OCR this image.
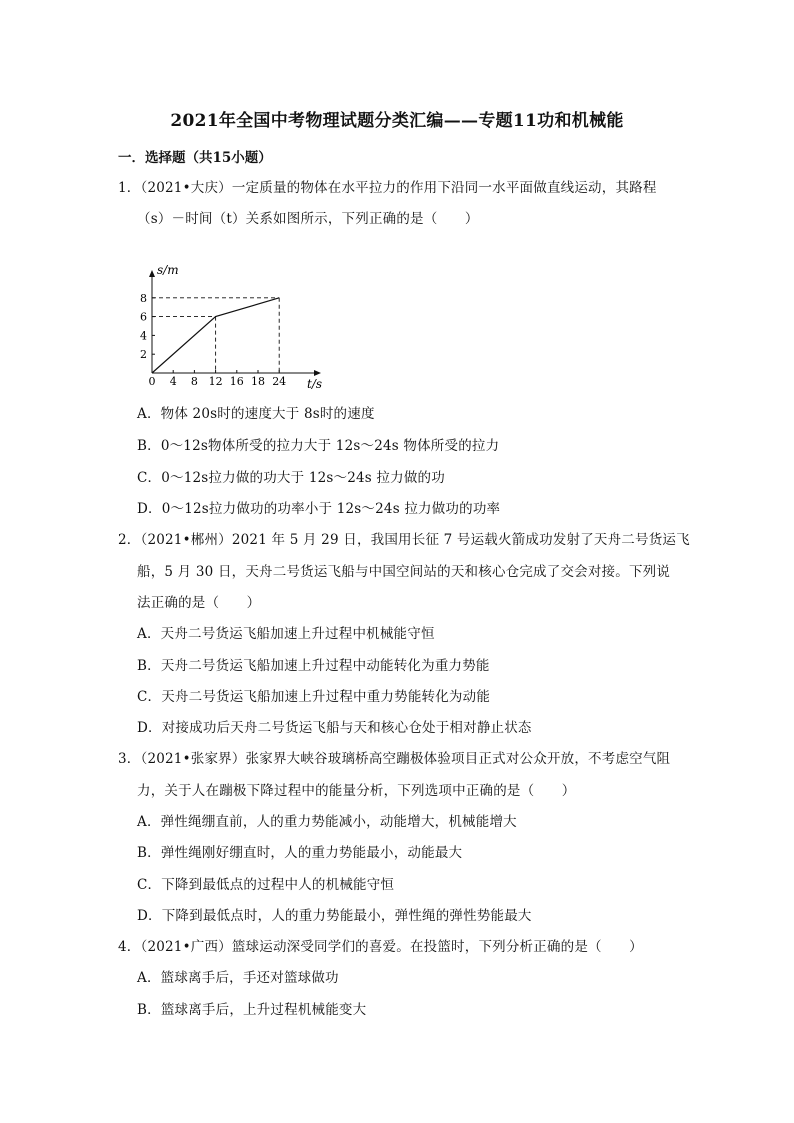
2021年全国中考物理试题分类汇编——专题11功和机械能
一．选择题（共15小题）
1．（2021•大庆）一定质量的物体在水平拉力的作用下沿同一水平面做直线运动，其路程
（s）－时间（t）关系如图所示，下列正确的是（　　）
s/m
t/s
0 4 8 12 16 18 24
2
4
6
8
A．物体 20s时的速度大于 8s时的速度
B．0～12s物体所受的拉力大于 12s～24s 物体所受的拉力
C．0～12s拉力做的功大于 12s～24s 拉力做的功
D．0～12s拉力做功的功率小于 12s～24s 拉力做功的功率
2．（2021•郴州）2021 年 5 月 29 日，我国用长征 7 号运载火箭成功发射了天舟二号货运飞
船，5 月 30 日，天舟二号货运飞船与中国空间站的天和核心仓完成了交会对接。下列说
法正确的是（　　）
A．天舟二号货运飞船加速上升过程中机械能守恒
B．天舟二号货运飞船加速上升过程中动能转化为重力势能
C．天舟二号货运飞船加速上升过程中重力势能转化为动能
D．对接成功后天舟二号货运飞船与天和核心仓处于相对静止状态
3．（2021•张家界）张家界大峡谷玻璃桥高空蹦极体验项目正式对公众开放，不考虑空气阻
力，关于人在蹦极下降过程中的能量分析，下列选项中正确的是（　　）
A．弹性绳绷直前，人的重力势能减小，动能增大，机械能增大
B．弹性绳刚好绷直时，人的重力势能最小，动能最大
C．下降到最低点的过程中人的机械能守恒
D．下降到最低点时，人的重力势能最小，弹性绳的弹性势能最大
4．（2021•广西）篮球运动深受同学们的喜爱。在投篮时，下列分析正确的是（　　）
A．篮球离手后，手还对篮球做功
B．篮球离手后，上升过程机械能变大
